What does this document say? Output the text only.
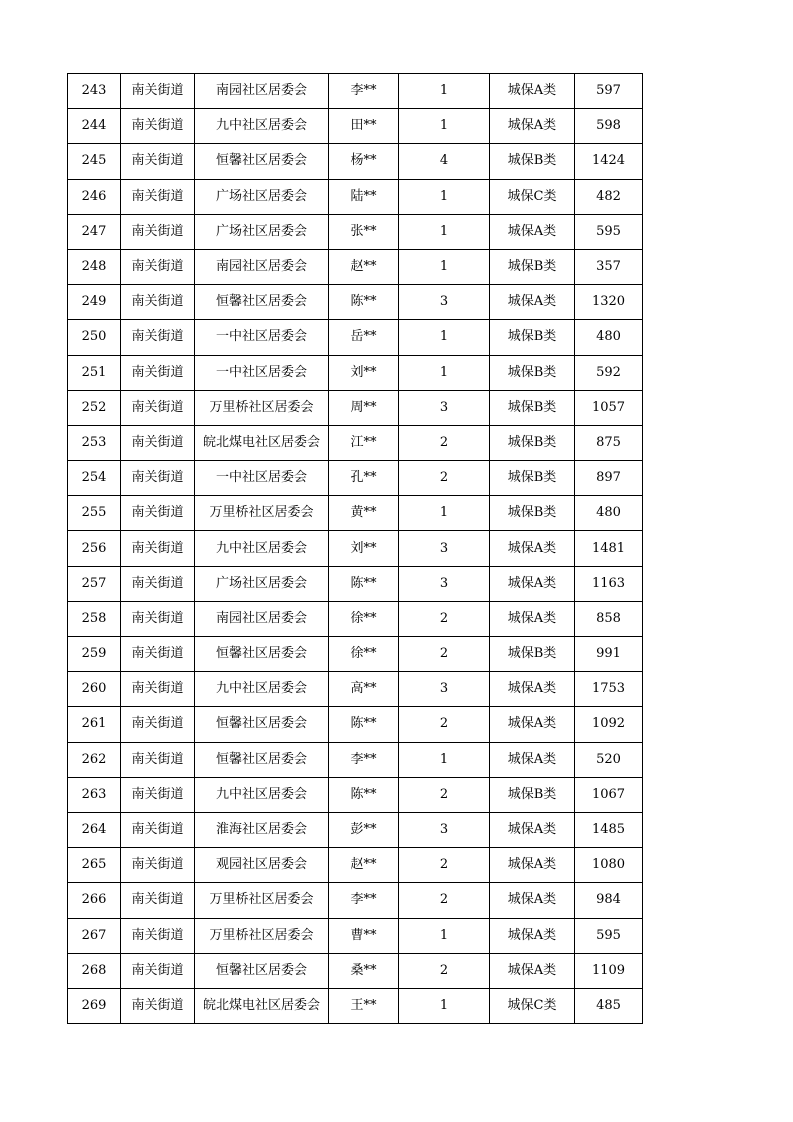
243	南关街道	南园社区居委会	李**	1	城保A类	597
244	南关街道	九中社区居委会	田**	1	城保A类	598
245	南关街道	恒馨社区居委会	杨**	4	城保B类	1424
246	南关街道	广场社区居委会	陆**	1	城保C类	482
247	南关街道	广场社区居委会	张**	1	城保A类	595
248	南关街道	南园社区居委会	赵**	1	城保B类	357
249	南关街道	恒馨社区居委会	陈**	3	城保A类	1320
250	南关街道	一中社区居委会	岳**	1	城保B类	480
251	南关街道	一中社区居委会	刘**	1	城保B类	592
252	南关街道	万里桥社区居委会	周**	3	城保B类	1057
253	南关街道	皖北煤电社区居委会	江**	2	城保B类	875
254	南关街道	一中社区居委会	孔**	2	城保B类	897
255	南关街道	万里桥社区居委会	黄**	1	城保B类	480
256	南关街道	九中社区居委会	刘**	3	城保A类	1481
257	南关街道	广场社区居委会	陈**	3	城保A类	1163
258	南关街道	南园社区居委会	徐**	2	城保A类	858
259	南关街道	恒馨社区居委会	徐**	2	城保B类	991
260	南关街道	九中社区居委会	高**	3	城保A类	1753
261	南关街道	恒馨社区居委会	陈**	2	城保A类	1092
262	南关街道	恒馨社区居委会	李**	1	城保A类	520
263	南关街道	九中社区居委会	陈**	2	城保B类	1067
264	南关街道	淮海社区居委会	彭**	3	城保A类	1485
265	南关街道	观园社区居委会	赵**	2	城保A类	1080
266	南关街道	万里桥社区居委会	李**	2	城保A类	984
267	南关街道	万里桥社区居委会	曹**	1	城保A类	595
268	南关街道	恒馨社区居委会	桑**	2	城保A类	1109
269	南关街道	皖北煤电社区居委会	王**	1	城保C类	485
